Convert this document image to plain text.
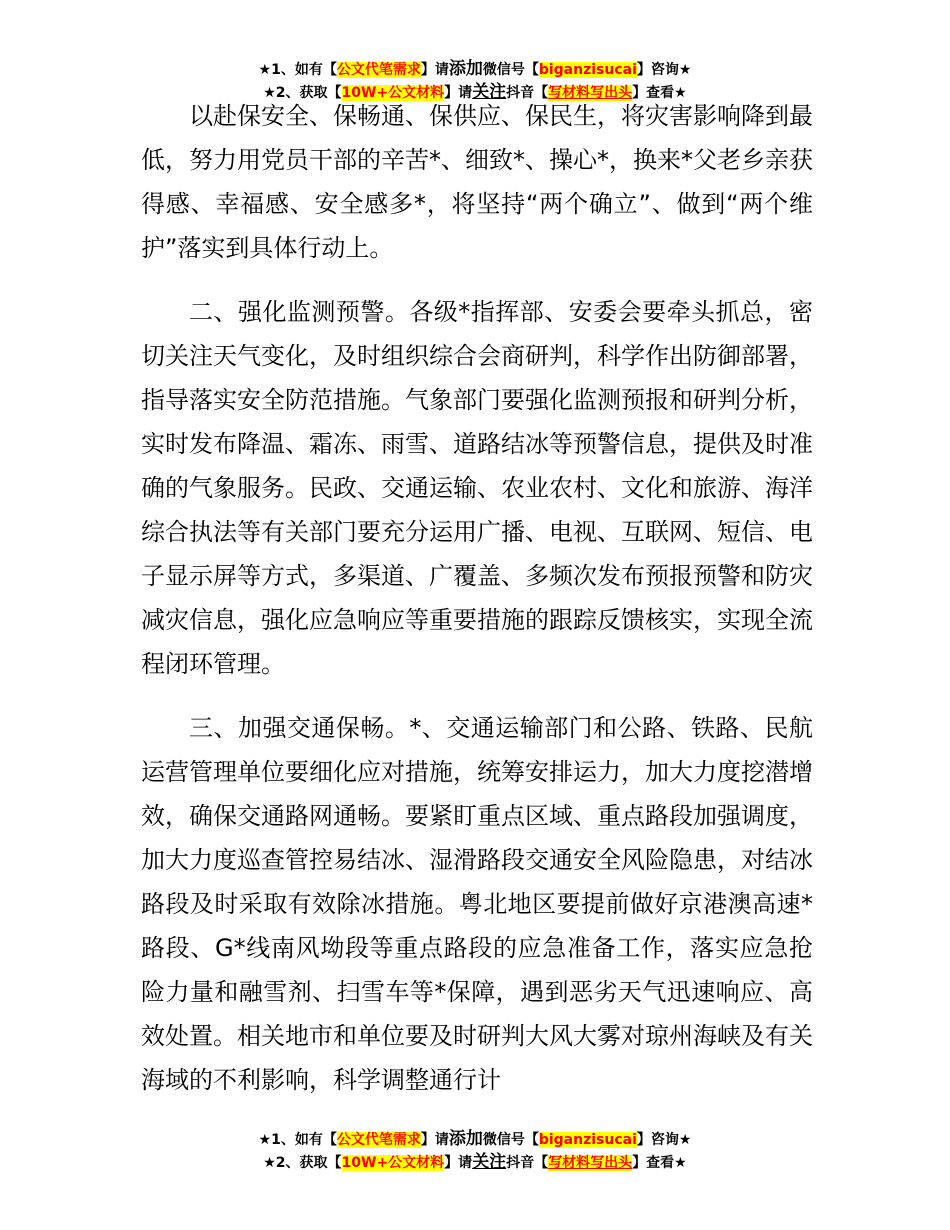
★1、如有【公文代笔需求】请添加微信号【biganzisucai】咨询★
★2、获取【10W+公文材料】请关注抖音【写材料写出头】查看★

以赴保安全、保畅通、保供应、保民生，将灾害影响降到最低，努力用党员干部的辛苦*、细致*、操心*，换来*父老乡亲获得感、幸福感、安全感多*，将坚持“两个确立”、做到“两个维护”落实到具体行动上。

二、强化监测预警。各级*指挥部、安委会要牵头抓总，密切关注天气变化，及时组织综合会商研判，科学作出防御部署，指导落实安全防范措施。气象部门要强化监测预报和研判分析，实时发布降温、霜冻、雨雪、道路结冰等预警信息，提供及时准确的气象服务。民政、交通运输、农业农村、文化和旅游、海洋综合执法等有关部门要充分运用广播、电视、互联网、短信、电子显示屏等方式，多渠道、广覆盖、多频次发布预报预警和防灾减灾信息，强化应急响应等重要措施的跟踪反馈核实，实现全流程闭环管理。

三、加强交通保畅。*、交通运输部门和公路、铁路、民航运营管理单位要细化应对措施，统筹安排运力，加大力度挖潜增效，确保交通路网通畅。要紧盯重点区域、重点路段加强调度，加大力度巡查管控易结冰、湿滑路段交通安全风险隐患，对结冰路段及时采取有效除冰措施。粤北地区要提前做好京港澳高速*路段、G*线南风坳段等重点路段的应急准备工作，落实应急抢险力量和融雪剂、扫雪车等*保障，遇到恶劣天气迅速响应、高效处置。相关地市和单位要及时研判大风大雾对琼州海峡及有关海域的不利影响，科学调整通行计

★1、如有【公文代笔需求】请添加微信号【biganzisucai】咨询★
★2、获取【10W+公文材料】请关注抖音【写材料写出头】查看★
